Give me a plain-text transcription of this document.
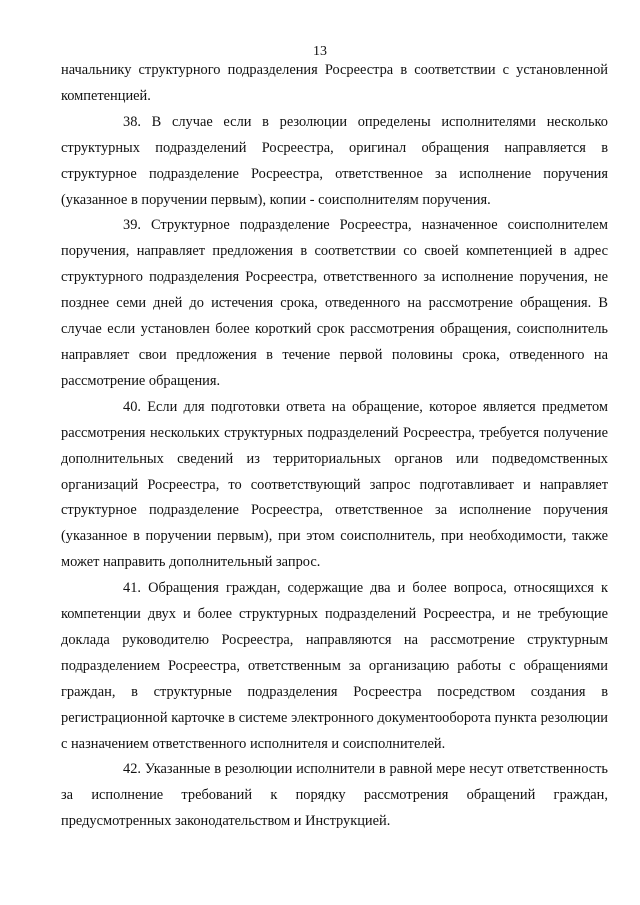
13

начальнику структурного подразделения Росреестра в соответствии с установленной компетенцией.

38. В случае если в резолюции определены исполнителями несколько структурных подразделений Росреестра, оригинал обращения направляется в структурное подразделение Росреестра, ответственное за исполнение поручения (указанное в поручении первым), копии - соисполнителям поручения.

39. Структурное подразделение Росреестра, назначенное соисполнителем поручения, направляет предложения в соответствии со своей компетенцией в адрес структурного подразделения Росреестра, ответственного за исполнение поручения, не позднее семи дней до истечения срока, отведенного на рассмотрение обращения. В случае если установлен более короткий срок рассмотрения обращения, соисполнитель направляет свои предложения в течение первой половины срока, отведенного на рассмотрение обращения.

40. Если для подготовки ответа на обращение, которое является предметом рассмотрения нескольких структурных подразделений Росреестра, требуется получение дополнительных сведений из территориальных органов или подведомственных организаций Росреестра, то соответствующий запрос подготавливает и направляет структурное подразделение Росреестра, ответственное за исполнение поручения (указанное в поручении первым), при этом соисполнитель, при необходимости, также может направить дополнительный запрос.

41. Обращения граждан, содержащие два и более вопроса, относящихся к компетенции двух и более структурных подразделений Росреестра, и не требующие доклада руководителю Росреестра, направляются на рассмотрение структурным подразделением Росреестра, ответственным за организацию работы с обращениями граждан, в структурные подразделения Росреестра посредством создания в регистрационной карточке в системе электронного документооборота пункта резолюции с назначением ответственного исполнителя и соисполнителей.

42. Указанные в резолюции исполнители в равной мере несут ответственность за исполнение требований к порядку рассмотрения обращений граждан, предусмотренных законодательством и Инструкцией.
